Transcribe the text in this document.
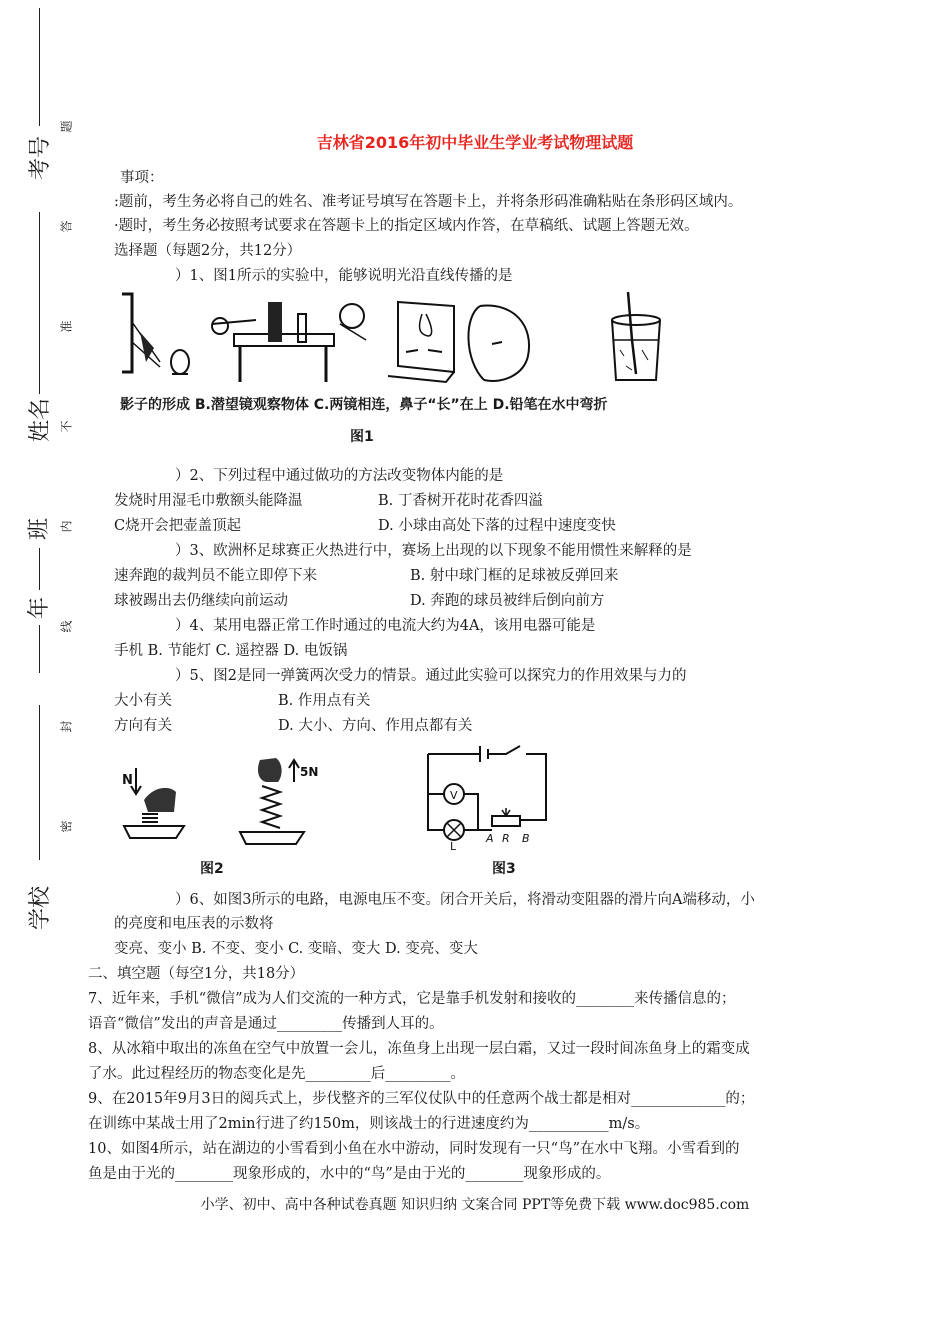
考号
姓名
班
年
学校
题
答
准
不
内
线
封
密
吉林省2016年初中毕业生学业考试物理试题
事项：
:题前，考生务必将自己的姓名、准考证号填写在答题卡上，并将条形码准确粘贴在条形码区域内。
·题时，考生务必按照考试要求在答题卡上的指定区域内作答，在草稿纸、试题上答题无效。
选择题（每题2分，共12分）
）1、图1所示的实验中，能够说明光沿直线传播的是
影子的形成 B.潜望镜观察物体 C.两镜相连，鼻子“长”在上 D.铅笔在水中弯折
图1
）2、下列过程中通过做功的方法改变物体内能的是
发烧时用湿毛巾敷额头能降温	B. 丁香树开花时花香四溢
C烧开会把壶盖顶起	D. 小球由高处下落的过程中速度变快
）3、欧洲杯足球赛正火热进行中，赛场上出现的以下现象不能用惯性来解释的是
速奔跑的裁判员不能立即停下来	B. 射中球门框的足球被反弹回来
球被踢出去仍继续向前运动	D. 奔跑的球员被绊后倒向前方
）4、某用电器正常工作时通过的电流大约为4A，该用电器可能是
手机 B. 节能灯 C. 遥控器 D. 电饭锅
）5、图2是同一弹簧两次受力的情景。通过此实验可以探究力的作用效果与力的
大小有关	B. 作用点有关
方向有关	D. 大小、方向、作用点都有关
N
5N
V
A R B
L
图2	图3
）6、如图3所示的电路，电源电压不变。闭合开关后，将滑动变阻器的滑片向A端移动，小
的亮度和电压表的示数将
变亮、变小 B. 不变、变小 C. 变暗、变大 D. 变亮、变大
二、填空题（每空1分，共18分）
7、近年来，手机“微信”成为人们交流的一种方式，它是靠手机发射和接收的________来传播信息的；
语音“微信”发出的声音是通过_________传播到人耳的。
8、从冰箱中取出的冻鱼在空气中放置一会儿，冻鱼身上出现一层白霜，又过一段时间冻鱼身上的霜变成
了水。此过程经历的物态变化是先_________后_________。
9、在2015年9月3日的阅兵式上，步伐整齐的三军仪仗队中的任意两个战士都是相对_____________的；
在训练中某战士用了2min行进了约150m，则该战士的行进速度约为___________m/s。
10、如图4所示，站在湖边的小雪看到小鱼在水中游动，同时发现有一只“鸟”在水中飞翔。小雪看到的
鱼是由于光的________现象形成的，水中的“鸟”是由于光的________现象形成的。
小学、初中、高中各种试卷真题 知识归纳 文案合同 PPT等免费下载 www.doc985.com
